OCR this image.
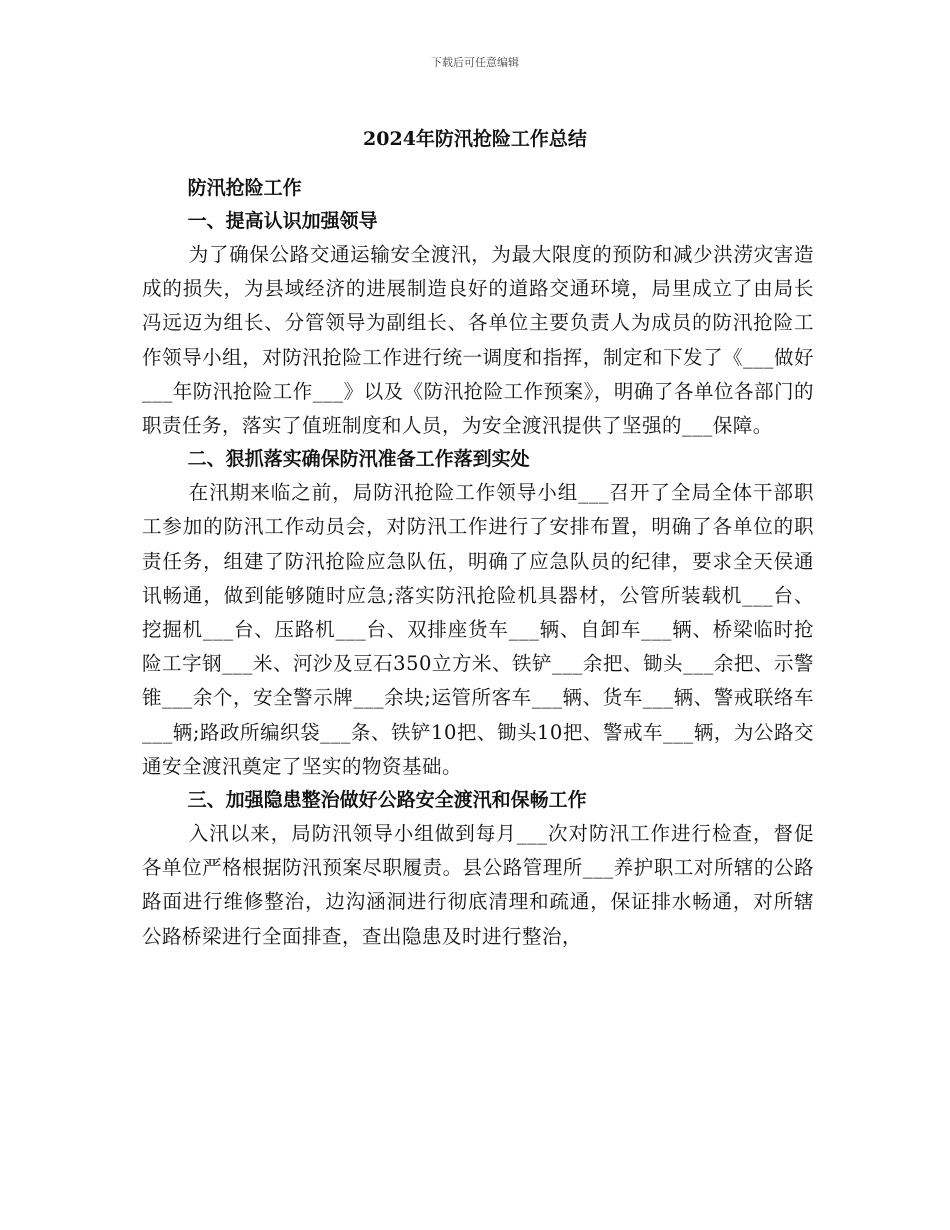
下载后可任意编辑
2024年防汛抢险工作总结

防汛抢险工作

一、提高认识加强领导

为了确保公路交通运输安全渡汛，为最大限度的预防和减少洪涝灾害造成的损失，为县域经济的进展制造良好的道路交通环境，局里成立了由局长冯远迈为组长、分管领导为副组长、各单位主要负责人为成员的防汛抢险工作领导小组，对防汛抢险工作进行统一调度和指挥，制定和下发了《___做好___年防汛抢险工作___》以及《防汛抢险工作预案》，明确了各单位各部门的职责任务，落实了值班制度和人员，为安全渡汛提供了坚强的___保障。

二、狠抓落实确保防汛准备工作落到实处

在汛期来临之前，局防汛抢险工作领导小组___召开了全局全体干部职工参加的防汛工作动员会，对防汛工作进行了安排布置，明确了各单位的职责任务，组建了防汛抢险应急队伍，明确了应急队员的纪律，要求全天侯通讯畅通，做到能够随时应急;落实防汛抢险机具器材，公管所装载机___台、挖掘机___台、压路机___台、双排座货车___辆、自卸车___辆、桥梁临时抢险工字钢___米、河沙及豆石350立方米、铁铲___余把、锄头___余把、示警锥___余个，安全警示牌___余块;运管所客车___辆、货车___辆、警戒联络车___辆;路政所编织袋___条、铁铲10把、锄头10把、警戒车___辆，为公路交通安全渡汛奠定了坚实的物资基础。

三、加强隐患整治做好公路安全渡汛和保畅工作

入汛以来，局防汛领导小组做到每月___次对防汛工作进行检查，督促各单位严格根据防汛预案尽职履责。县公路管理所___养护职工对所辖的公路路面进行维修整治，边沟涵洞进行彻底清理和疏通，保证排水畅通，对所辖公路桥梁进行全面排查，查出隐患及时进行整治，
